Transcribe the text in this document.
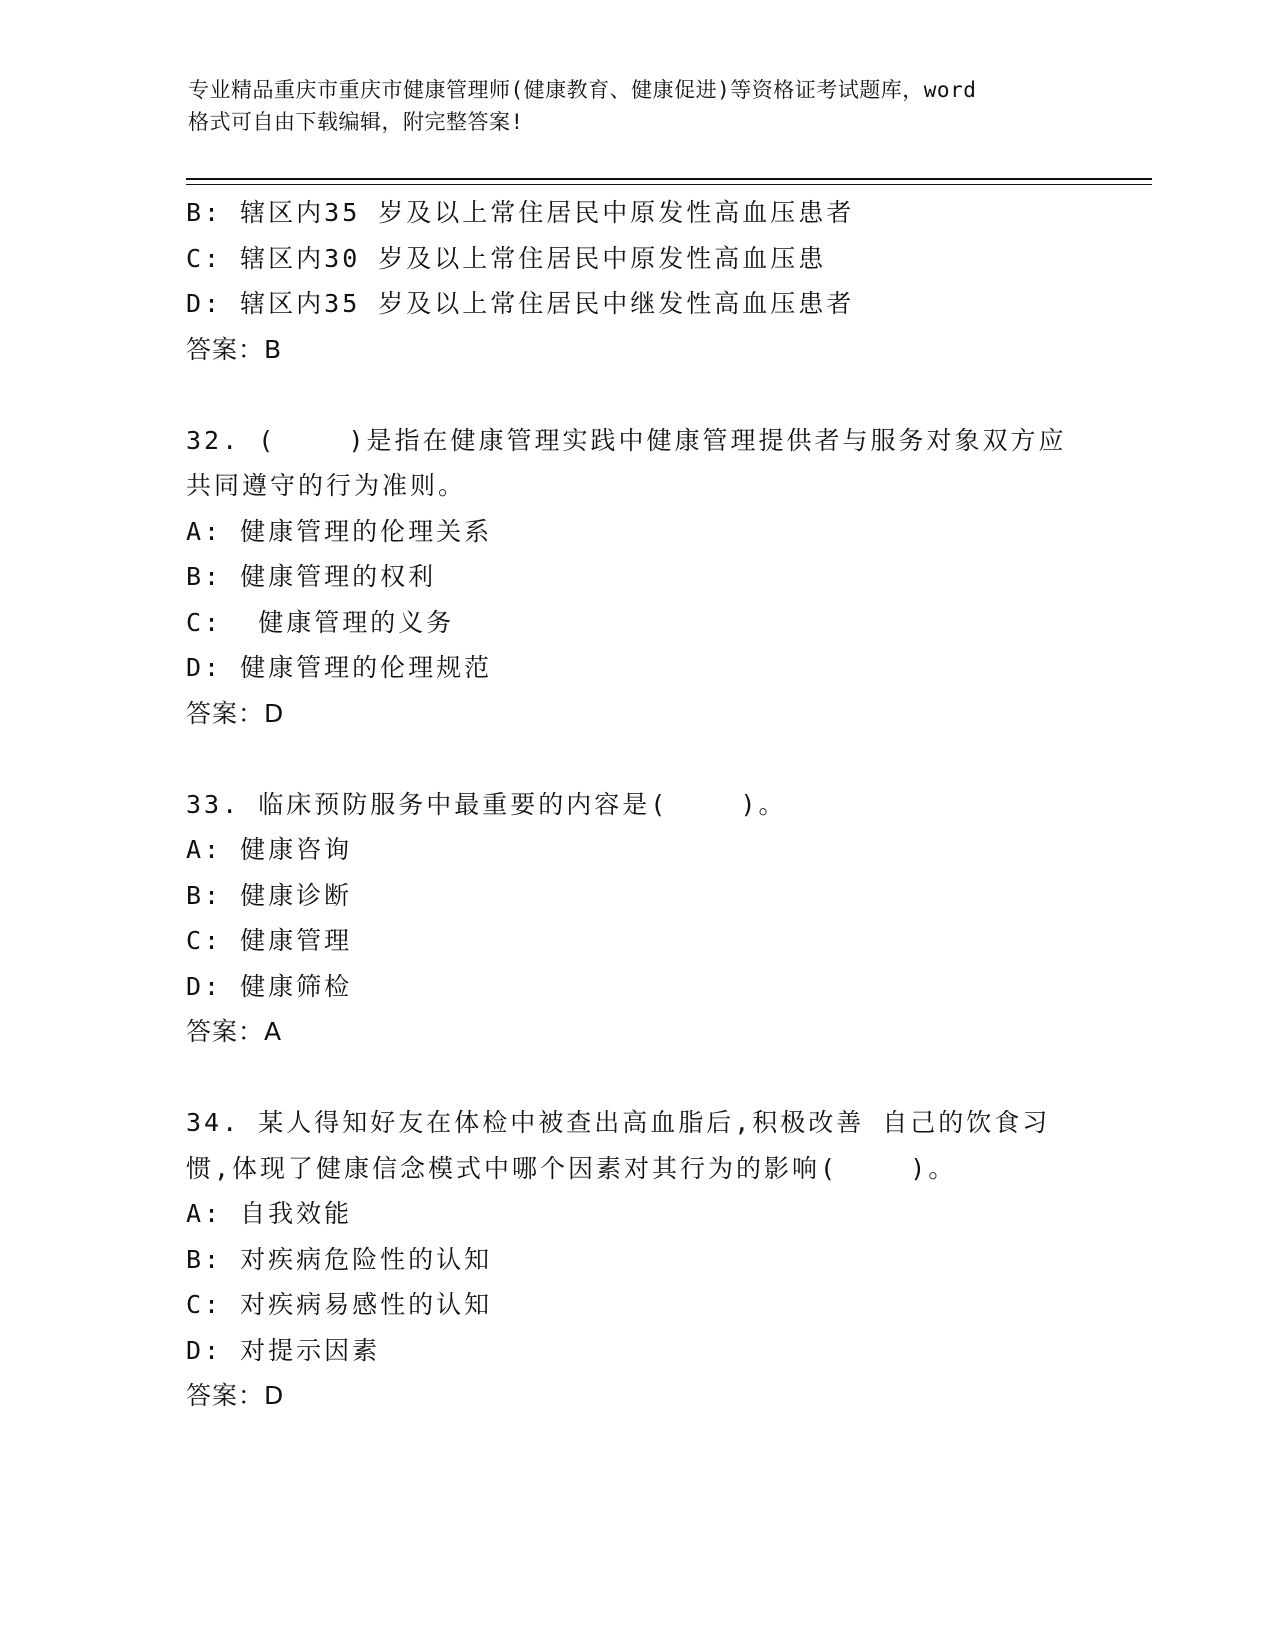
专业精品重庆市重庆市健康管理师(健康教育、健康促进)等资格证考试题库，word
格式可自由下载编辑，附完整答案!
B: 辖区内35 岁及以上常住居民中原发性高血压患者
C: 辖区内30 岁及以上常住居民中原发性高血压患
D: 辖区内35 岁及以上常住居民中继发性高血压患者
答案：B
32. (    )是指在健康管理实践中健康管理提供者与服务对象双方应
共同遵守的行为准则。
A: 健康管理的伦理关系
B: 健康管理的权利
C:  健康管理的义务
D: 健康管理的伦理规范
答案：D
33. 临床预防服务中最重要的内容是(    )。
A: 健康咨询
B: 健康诊断
C: 健康管理
D: 健康筛检
答案：A
34. 某人得知好友在体检中被查出高血脂后,积极改善 自己的饮食习
惯,体现了健康信念模式中哪个因素对其行为的影响(    )。
A: 自我效能
B: 对疾病危险性的认知
C: 对疾病易感性的认知
D: 对提示因素
答案：D
